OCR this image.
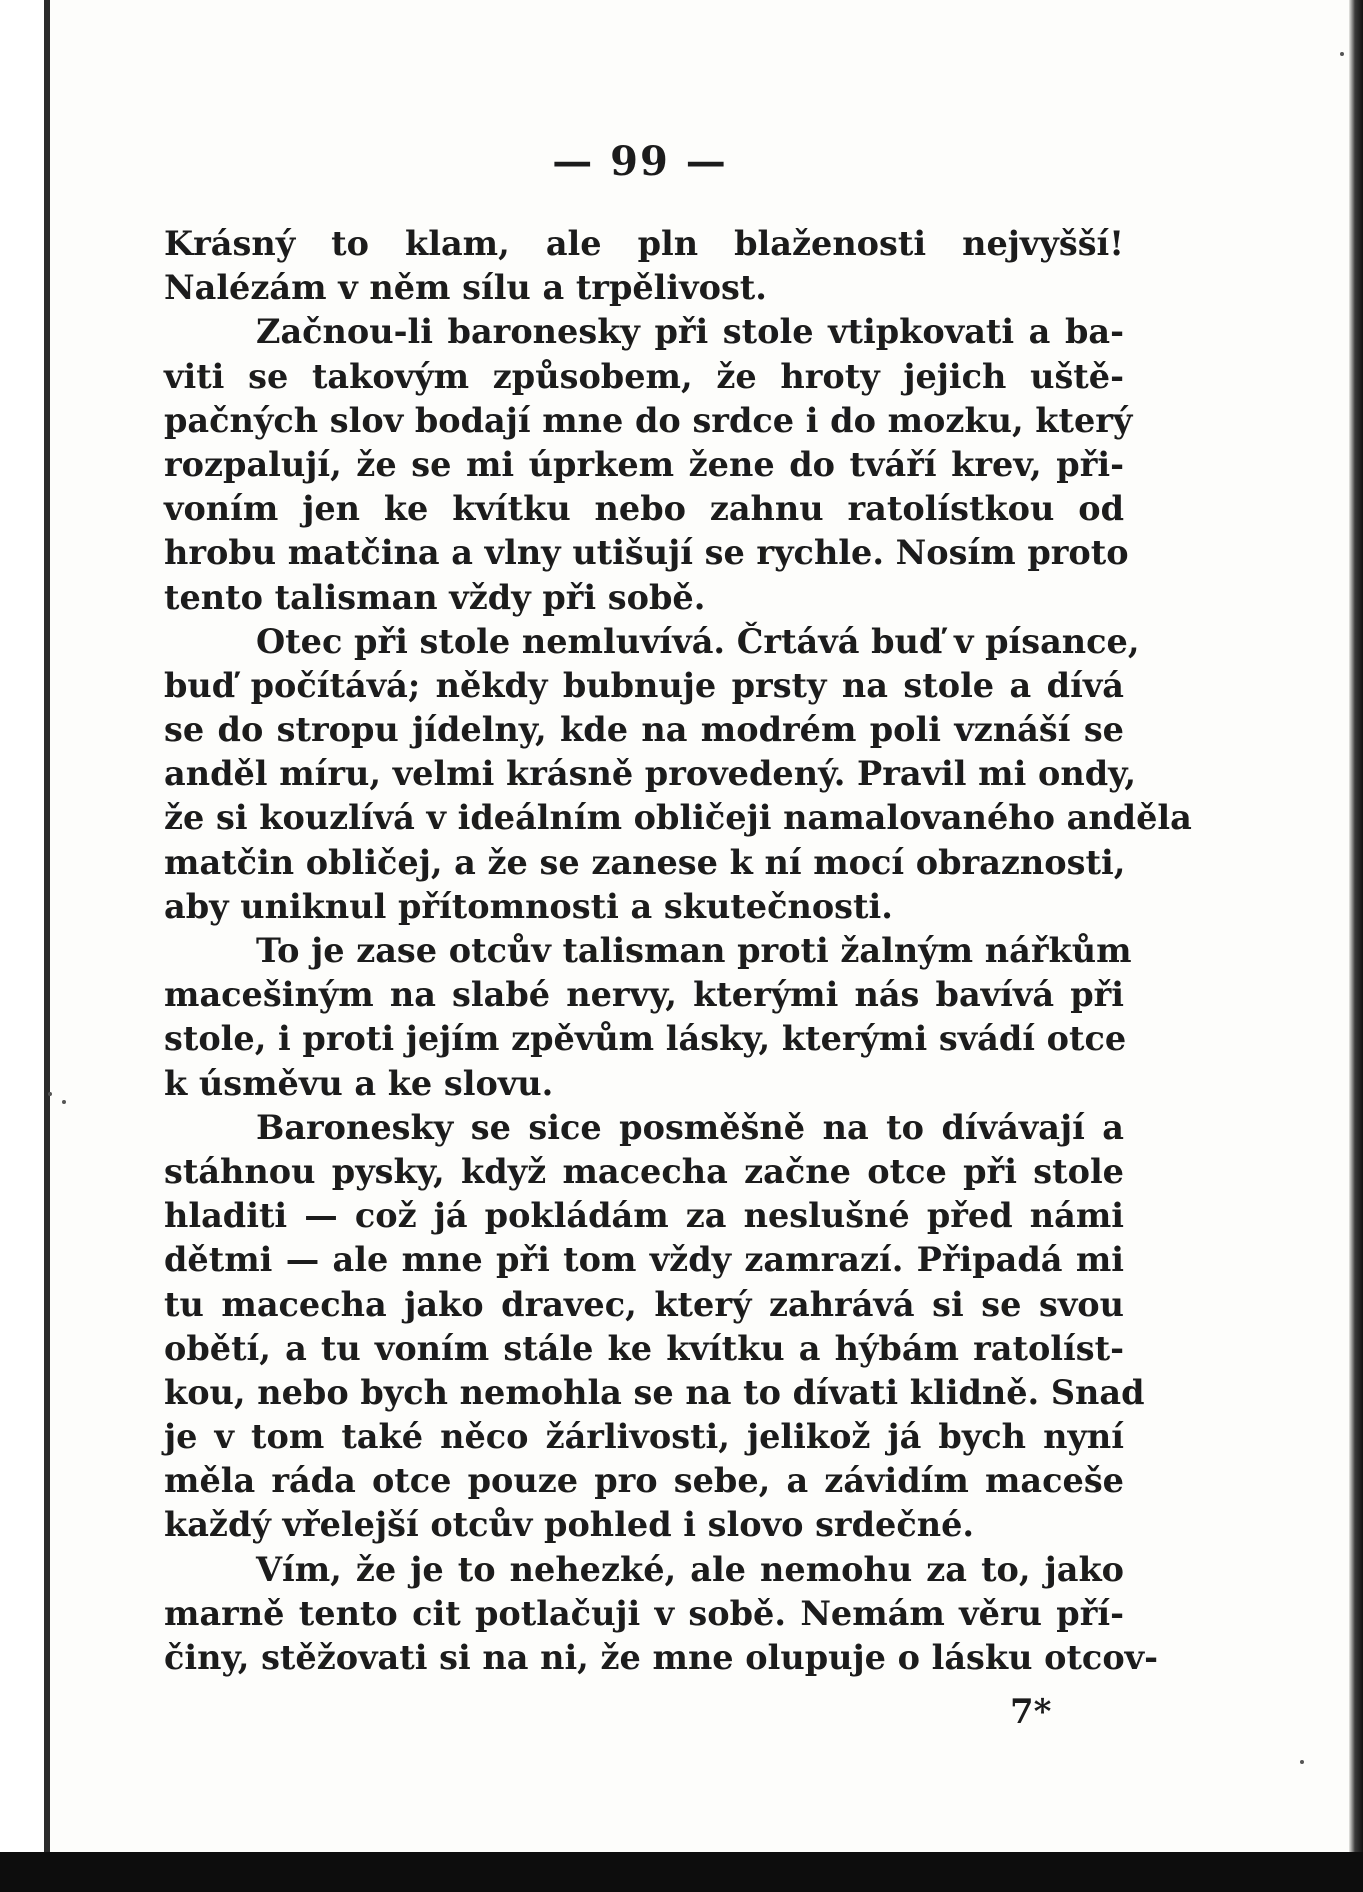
— 99 —
Krásný to klam, ale pln blaženosti nejvyšší!
Nalézám v něm sílu a trpělivost.
Začnou-li baronesky při stole vtipkovati a ba-
viti se takovým způsobem, že hroty jejich uště-
pačných slov bodají mne do srdce i do mozku, který
rozpalují, že se mi úprkem žene do tváří krev, při-
voním jen ke kvítku nebo zahnu ratolístkou od
hrobu matčina a vlny utišují se rychle. Nosím proto
tento talisman vždy při sobě.
Otec při stole nemluvívá. Črtává buď v písance,
buď počítává; někdy bubnuje prsty na stole a dívá
se do stropu jídelny, kde na modrém poli vznáší se
anděl míru, velmi krásně provedený. Pravil mi ondy,
že si kouzlívá v ideálním obličeji namalovaného anděla
matčin obličej, a že se zanese k ní mocí obraznosti,
aby uniknul přítomnosti a skutečnosti.
To je zase otcův talisman proti žalným nářkům
macešiným na slabé nervy, kterými nás bavívá při
stole, i proti jejím zpěvům lásky, kterými svádí otce
k úsměvu a ke slovu.
Baronesky se sice posměšně na to dívávají a
stáhnou pysky, když macecha začne otce při stole
hladiti — což já pokládám za neslušné před námi
dětmi — ale mne při tom vždy zamrazí. Připadá mi
tu macecha jako dravec, který zahrává si se svou
obětí, a tu voním stále ke kvítku a hýbám ratolíst-
kou, nebo bych nemohla se na to dívati klidně. Snad
je v tom také něco žárlivosti, jelikož já bych nyní
měla ráda otce pouze pro sebe, a závidím maceše
každý vřelejší otcův pohled i slovo srdečné.
Vím, že je to nehezké, ale nemohu za to, jako
marně tento cit potlačuji v sobě. Nemám věru pří-
činy, stěžovati si na ni, že mne olupuje o lásku otcov-
7*
